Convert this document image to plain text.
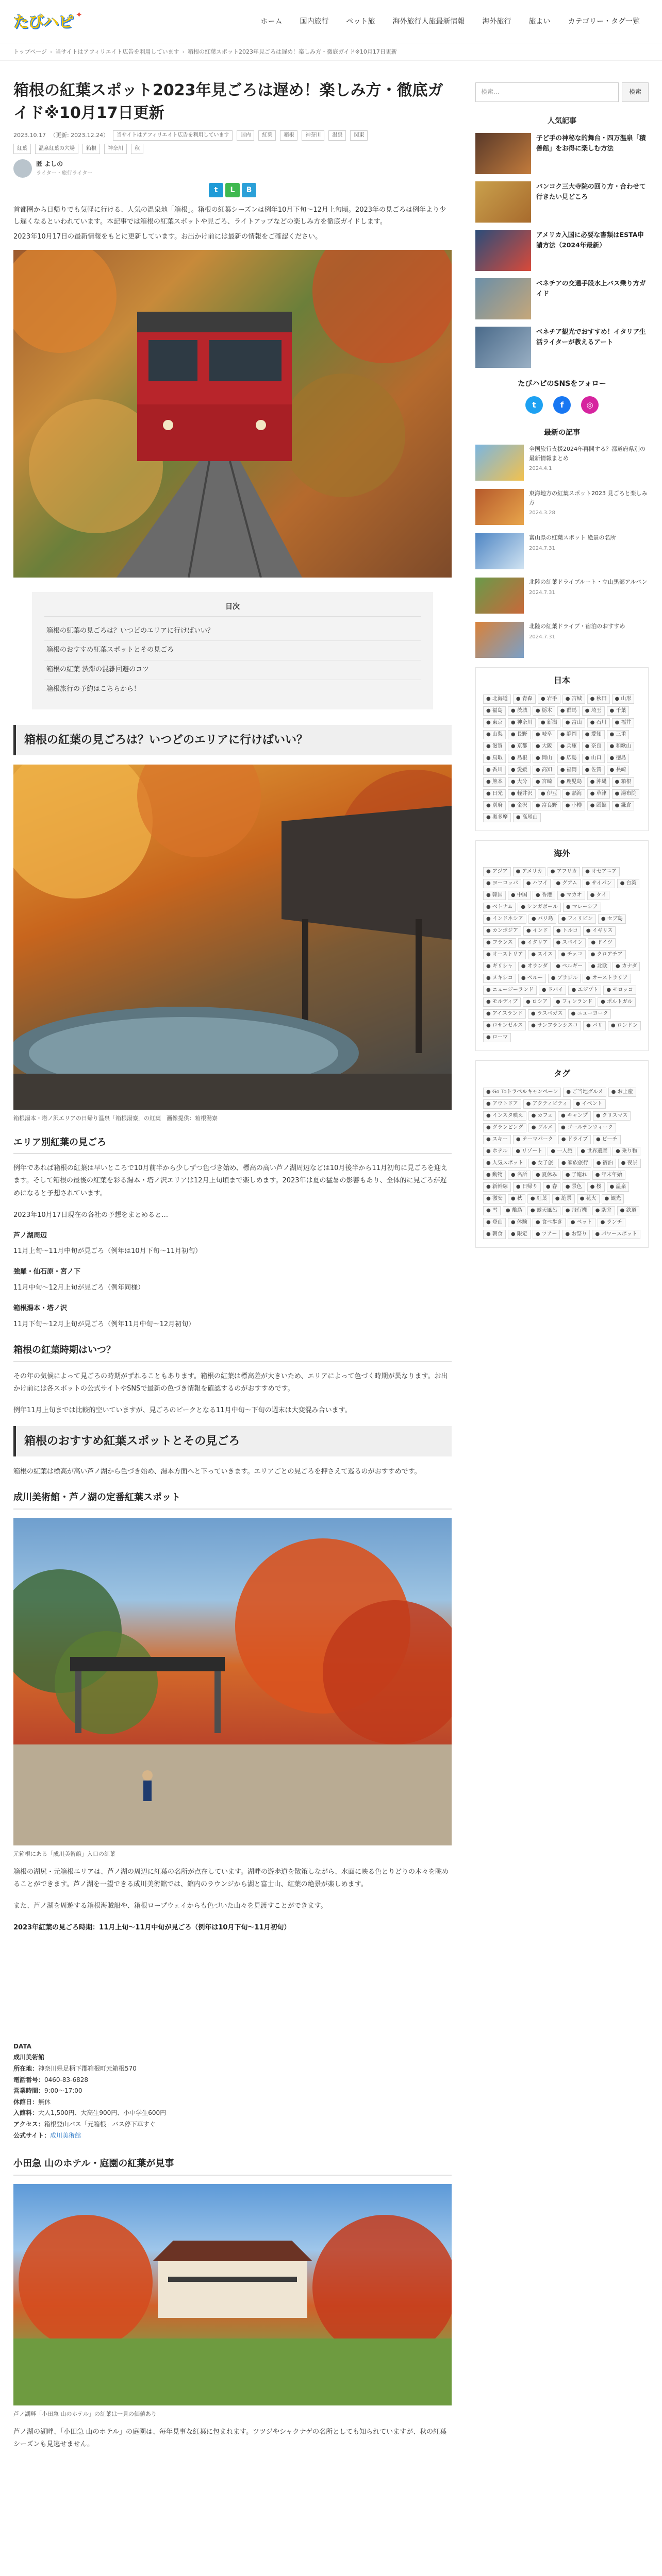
たびハピ ✦
ホーム	国内旅行	ペット旅	海外旅行人旅最新情報	海外旅行	旅よい	カテゴリー・タグ一覧
トップページ › 当サイトはアフィリエイト広告を利用しています › 箱根の紅葉スポット2023年見ごろは遅め！楽しみ方・徹底ガイド※10月17日更新
箱根の紅葉スポット2023年見ごろは遅め！楽しみ方・徹底ガイド※10月17日更新
2023.10.17 （更新: 2023.12.24）	当サイトはアフィリエイト広告を利用しています	国内	紅葉	箱根	神奈川	温泉	関東
紅葉	温泉紅葉の穴場	箱根	神奈川	秋
匿 よしの
ライター・旅行ライター
t	L	B

首都圏から日帰りでも気軽に行ける、人気の温泉地「箱根」。箱根の紅葉シーズンは例年10月下旬〜12月上旬頃。2023年の見ごろは例年より少し遅くなるといわれています。本記事では箱根の紅葉スポットや見ごろ、ライトアップなどの楽しみ方を徹底ガイドします。

2023年10月17日の最新情報をもとに更新しています。お出かけ前には最新の情報をご確認ください。

目次
箱根の紅葉の見ごろは？いつどのエリアに行けばいい？
箱根のおすすめ紅葉スポットとその見ごろ
箱根の紅葉 渋滞の混雑回避のコツ
箱根旅行の予約はこちらから！
箱根の紅葉の見ごろは？いつどのエリアに行けばいい？
箱根湯本・塔ノ沢エリアの日帰り温泉「箱根湯寮」の紅葉　画像提供：箱根湯寮
エリア別紅葉の見ごろ

例年であれば箱根の紅葉は早いところで10月前半から少しずつ色づき始め、標高の高い芦ノ湖周辺などは10月後半から11月初旬に見ごろを迎えます。そして箱根の最後の紅葉を彩る湯本・塔ノ沢エリアは12月上旬頃まで楽しめます。2023年は夏の猛暑の影響もあり、全体的に見ごろが遅めになると予想されています。

2023年10月17日現在の各社の予想をまとめると…

芦ノ湖周辺

11月上旬〜11月中旬が見ごろ（例年は10月下旬〜11月初旬）

強羅・仙石原・宮ノ下

11月中旬〜12月上旬が見ごろ（例年同様）

箱根湯本・塔ノ沢

11月下旬〜12月上旬が見ごろ（例年11月中旬〜12月初旬）

箱根の紅葉時期はいつ？

その年の気候によって見ごろの時期がずれることもあります。箱根の紅葉は標高差が大きいため、エリアによって色づく時期が異なります。お出かけ前には各スポットの公式サイトやSNSで最新の色づき情報を確認するのがおすすめです。

例年11月上旬までは比較的空いていますが、見ごろのピークとなる11月中旬〜下旬の週末は大変混み合います。

箱根のおすすめ紅葉スポットとその見ごろ

箱根の紅葉は標高が高い芦ノ湖から色づき始め、湯本方面へと下っていきます。エリアごとの見ごろを押さえて巡るのがおすすめです。

成川美術館・芦ノ湖の定番紅葉スポット
元箱根にある「成川美術館」入口の紅葉

箱根の湖尻・元箱根エリアは、芦ノ湖の周辺に紅葉の名所が点在しています。湖畔の遊歩道を散策しながら、水面に映る色とりどりの木々を眺めることができます。芦ノ湖を一望できる成川美術館では、館内のラウンジから湖と富士山、紅葉の絶景が楽しめます。

また、芦ノ湖を周遊する箱根海賊船や、箱根ロープウェイからも色づいた山々を見渡すことができます。

2023年紅葉の見ごろ時期：11月上旬〜11月中旬が見ごろ（例年は10月下旬〜11月初旬）

DATA
成川美術館
所在地：神奈川県足柄下郡箱根町元箱根570
電話番号：0460-83-6828
営業時間：9:00〜17:00
休館日：無休
入館料：大人1,500円、大高生900円、小中学生600円
アクセス：箱根登山バス「元箱根」バス停下車すぐ
公式サイト：成川美術館
小田急 山のホテル・庭園の紅葉が見事
芦ノ湖畔「小田急 山のホテル」の紅葉は一見の価値あり

芦ノ湖の湖畔、「小田急 山のホテル」の庭園は、毎年見事な紅葉に包まれます。ツツジやシャクナゲの名所としても知られていますが、秋の紅葉シーズンも見逃せません。

検索...	検索
人気記事
子ど手の神秘な的舞台・四万温泉「積善館」をお得に楽しむ方法
バンコク三大寺院の回り方・合わせて行きたい見どころ
アメリカ入国に必要な書類はESTA申請方法（2024年最新）
ベネチアの交通手段水上バス乗り方ガイド
ベネチア観光でおすすめ！イタリア生活ライターが教えるアート
たびハピのSNSをフォロー
t	f	◎
最新の記事
全国旅行支援2024年再開する？都道府県別の最新情報まとめ
2024.4.1
東海地方の紅葉スポット2023 見ごろと楽しみ方
2024.3.28
富山県の紅葉スポット 絶景の名所
2024.7.31
北陸の紅葉ドライブルート・立山黒部アルペン
2024.7.31
北陸の紅葉ドライブ・宿泊のおすすめ
2024.7.31
日本
● 北海道	● 青森	● 岩手	● 宮城	● 秋田	● 山形
● 福島	● 茨城	● 栃木	● 群馬	● 埼玉	● 千葉
● 東京	● 神奈川	● 新潟	● 富山	● 石川	● 福井
● 山梨	● 長野	● 岐阜	● 静岡	● 愛知	● 三重
● 滋賀	● 京都	● 大阪	● 兵庫	● 奈良	● 和歌山
● 鳥取	● 島根	● 岡山	● 広島	● 山口	● 徳島
● 香川	● 愛媛	● 高知	● 福岡	● 佐賀	● 長崎
● 熊本	● 大分	● 宮崎	● 鹿児島	● 沖縄	● 箱根
● 日光	● 軽井沢	● 伊豆	● 熱海	● 草津	● 湯布院
● 別府	● 金沢	● 富良野	● 小樽	● 函館	● 鎌倉
● 奥多摩	● 高尾山
海外
● アジア	● アメリカ	● アフリカ	● オセアニア
● ヨーロッパ	● ハワイ	● グアム	● サイパン	● 台湾
● 韓国	● 中国	● 香港	● マカオ	● タイ
● ベトナム	● シンガポール	● マレーシア
● インドネシア	● バリ島	● フィリピン	● セブ島
● カンボジア	● インド	● トルコ	● イギリス
● フランス	● イタリア	● スペイン	● ドイツ
● オーストリア	● スイス	● チェコ	● クロアチア
● ギリシャ	● オランダ	● ベルギー	● 北欧	● カナダ
● メキシコ	● ペルー	● ブラジル	● オーストラリア
● ニュージーランド	● ドバイ	● エジプト	● モロッコ
● モルディブ	● ロシア	● フィンランド	● ポルトガル
● アイスランド	● ラスベガス	● ニューヨーク
● ロサンゼルス	● サンフランシスコ	● パリ	● ロンドン
● ローマ
タグ
● Go Toトラベルキャンペーン	● ご当地グルメ	● お土産
● アウトドア	● アクティビティ	● イベント
● インスタ映え	● カフェ	● キャンプ	● クリスマス
● グランピング	● グルメ	● ゴールデンウィーク
● スキー	● テーマパーク	● ドライブ	● ビーチ
● ホテル	● リゾート	● 一人旅	● 世界遺産	● 乗り物
● 人気スポット	● 女子旅	● 家族旅行	● 宿泊	● 夜景
● 動物	● 名所	● 夏休み	● 子連れ	● 年末年始
● 新幹線	● 日帰り	● 春	● 景色	● 桜	● 温泉
● 激安	● 秋	● 紅葉	● 絶景	● 花火	● 観光
● 雪	● 離島	● 露天風呂	● 飛行機	● 駅弁	● 鉄道
● 登山	● 体験	● 食べ歩き	● ペット	● ランチ
● 朝食	● 限定	● ツアー	● お祭り	● パワースポット
